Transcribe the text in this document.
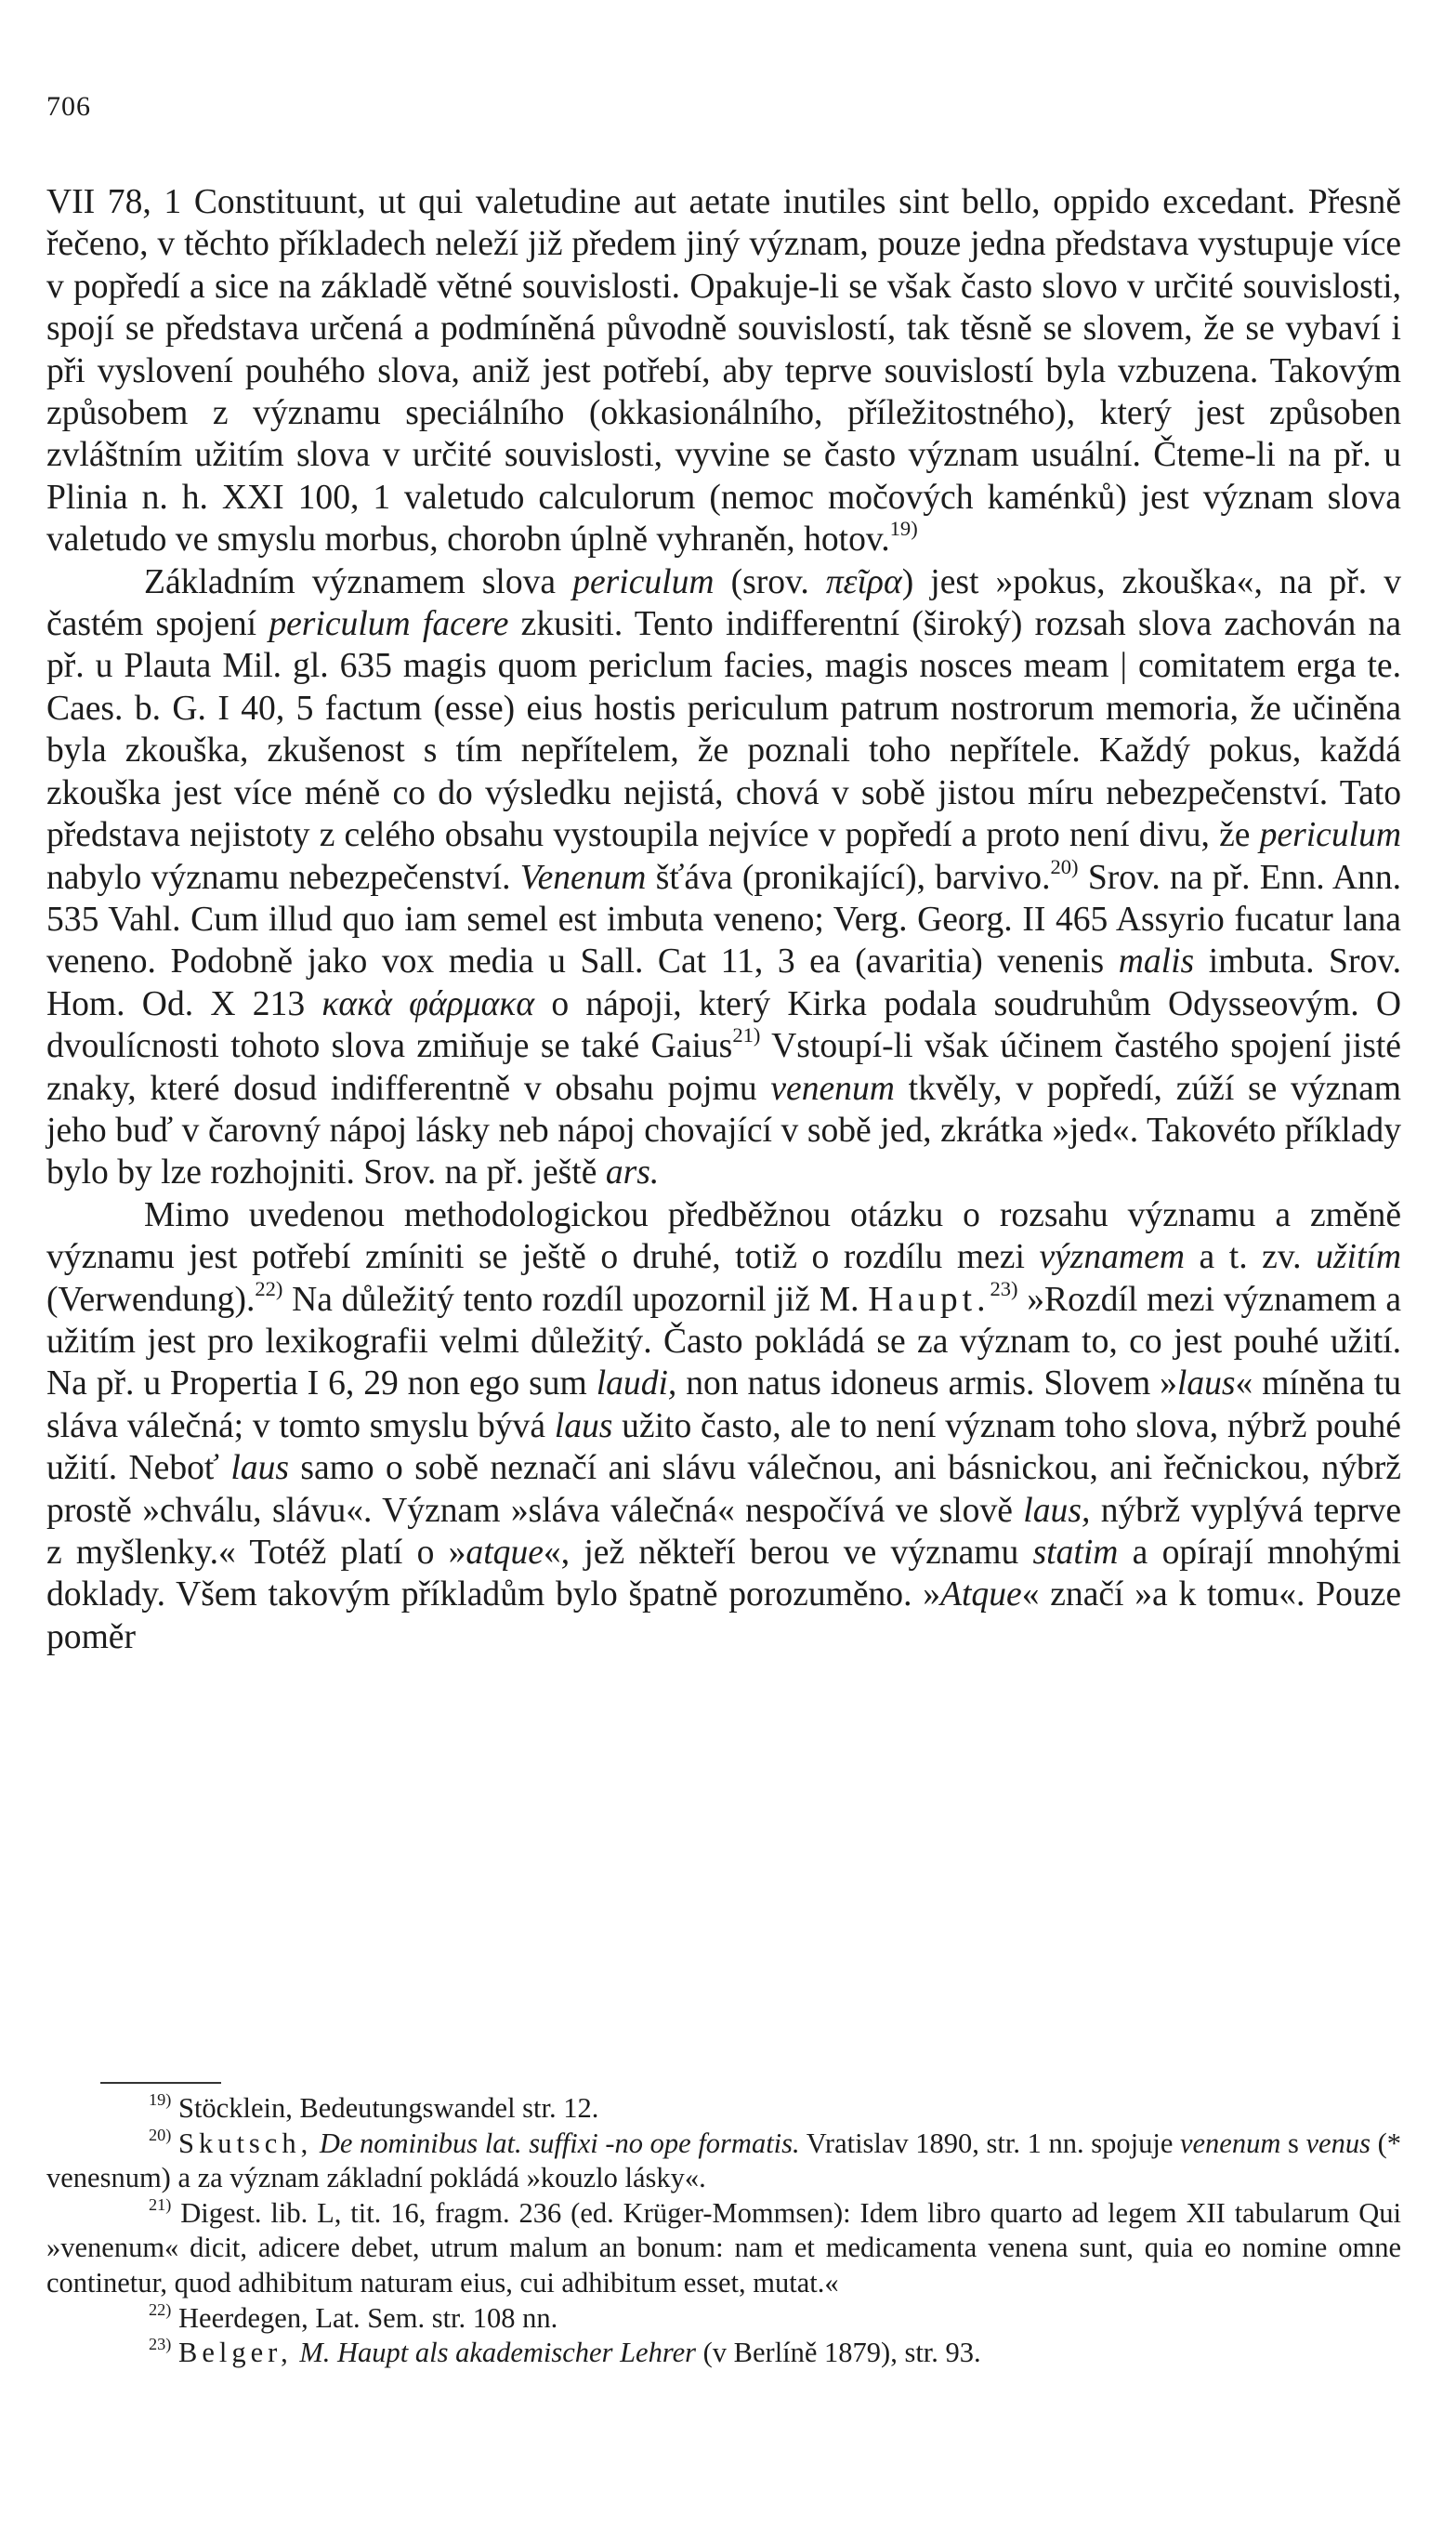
706

VII 78, 1 Constituunt, ut qui valetudine aut aetate inutiles sint bello, oppido excedant. Přesně řečeno, v těchto příkladech neleží již předem jiný význam, pouze jedna představa vystupuje více v popředí a sice na základě větné souvislosti. Opakuje-li se však často slovo v určité souvislosti, spojí se představa určená a podmíněná původně souvislostí, tak těsně se slovem, že se vybaví i při vyslovení pouhého slova, aniž jest potřebí, aby teprve souvislostí byla vzbuzena. Takovým způsobem z významu speciálního (okkasionálního, příležitostného), který jest způsoben zvláštním užitím slova v určité souvislosti, vyvine se často význam usuální. Čteme-li na př. u Plinia n. h. XXI 100, 1 valetudo calculorum (nemoc močových kaménků) jest význam slova valetudo ve smyslu morbus, chorobn úplně vyhraněn, hotov.$^{19)}$

Základním významem slova periculum (srov. πεῖρα) jest »pokus, zkouška«, na př. v častém spojení periculum facere zkusiti. Tento indifferentní (široký) rozsah slova zachován na př. u Plauta Mil. gl. 635 magis quom periclum facies, magis nosces meam | comitatem erga te. Caes. b. G. I 40, 5 factum (esse) eius hostis periculum patrum nostrorum memoria, že učiněna byla zkouška, zkušenost s tím nepřítelem, že poznali toho nepřítele. Každý pokus, každá zkouška jest více méně co do výsledku nejistá, chová v sobě jistou míru nebezpečenství. Tato představa nejistoty z celého obsahu vystoupila nejvíce v popředí a proto není divu, že periculum nabylo významu nebezpečenství. Venenum šťáva (pronikající), barvivo.$^{20)}$ Srov. na př. Enn. Ann. 535 Vahl. Cum illud quo iam semel est imbuta veneno; Verg. Georg. II 465 Assyrio fucatur lana veneno. Podobně jako vox media u Sall. Cat 11, 3 ea (avaritia) venenis malis imbuta. Srov. Hom. Od. X 213 κακὰ φάρμακα o nápoji, který Kirka podala soudruhům Odysseovým. O dvoulícnosti tohoto slova zmiňuje se také Gaius$^{21)}$ Vstoupí-li však účinem častého spojení jisté znaky, které dosud indifferentně v obsahu pojmu venenum tkvěly, v popředí, zúží se význam jeho buď v čarovný nápoj lásky neb nápoj chovající v sobě jed, zkrátka »jed«. Takovéto příklady bylo by lze rozhojniti. Srov. na př. ještě ars.

Mimo uvedenou methodologickou předběžnou otázku o rozsahu významu a změně významu jest potřebí zmíniti se ještě o druhé, totiž o rozdílu mezi významem a t. zv. užitím (Verwendung).$^{22)}$ Na důležitý tento rozdíl upozornil již M. Haupt.$^{23)}$ »Rozdíl mezi významem a užitím jest pro lexikografii velmi důležitý. Často pokládá se za význam to, co jest pouhé užití. Na př. u Propertia I 6, 29 non ego sum laudi, non natus idoneus armis. Slovem »laus« míněna tu sláva válečná; v tomto smyslu bývá laus užito často, ale to není význam toho slova, nýbrž pouhé užití. Neboť laus samo o sobě neznačí ani slávu válečnou, ani básnickou, ani řečnickou, nýbrž prostě »chválu, slávu«. Význam »sláva válečná« nespočívá ve slově laus, nýbrž vyplývá teprve z myšlenky.« Totéž platí o »atque«, jež někteří berou ve významu statim a opírají mnohými doklady. Všem takovým příkladům bylo špatně porozuměno. »Atque« značí »a k tomu«. Pouze poměr

$^{19)}$ Stöcklein, Bedeutungswandel str. 12.

$^{20)}$ Skutsch, De nominibus lat. suffixi -no ope formatis. Vratislav 1890, str. 1 nn. spojuje venenum s venus (* venesnum) a za význam základní pokládá »kouzlo lásky«.

$^{21)}$ Digest. lib. L, tit. 16, fragm. 236 (ed. Krüger-Mommsen): Idem libro quarto ad legem XII tabularum Qui »venenum« dicit, adicere debet, utrum malum an bonum: nam et medicamenta venena sunt, quia eo nomine omne continetur, quod adhibitum naturam eius, cui adhibitum esset, mutat.«

$^{22)}$ Heerdegen, Lat. Sem. str. 108 nn.

$^{23)}$ Belger, M. Haupt als akademischer Lehrer (v Berlíně 1879), str. 93.
